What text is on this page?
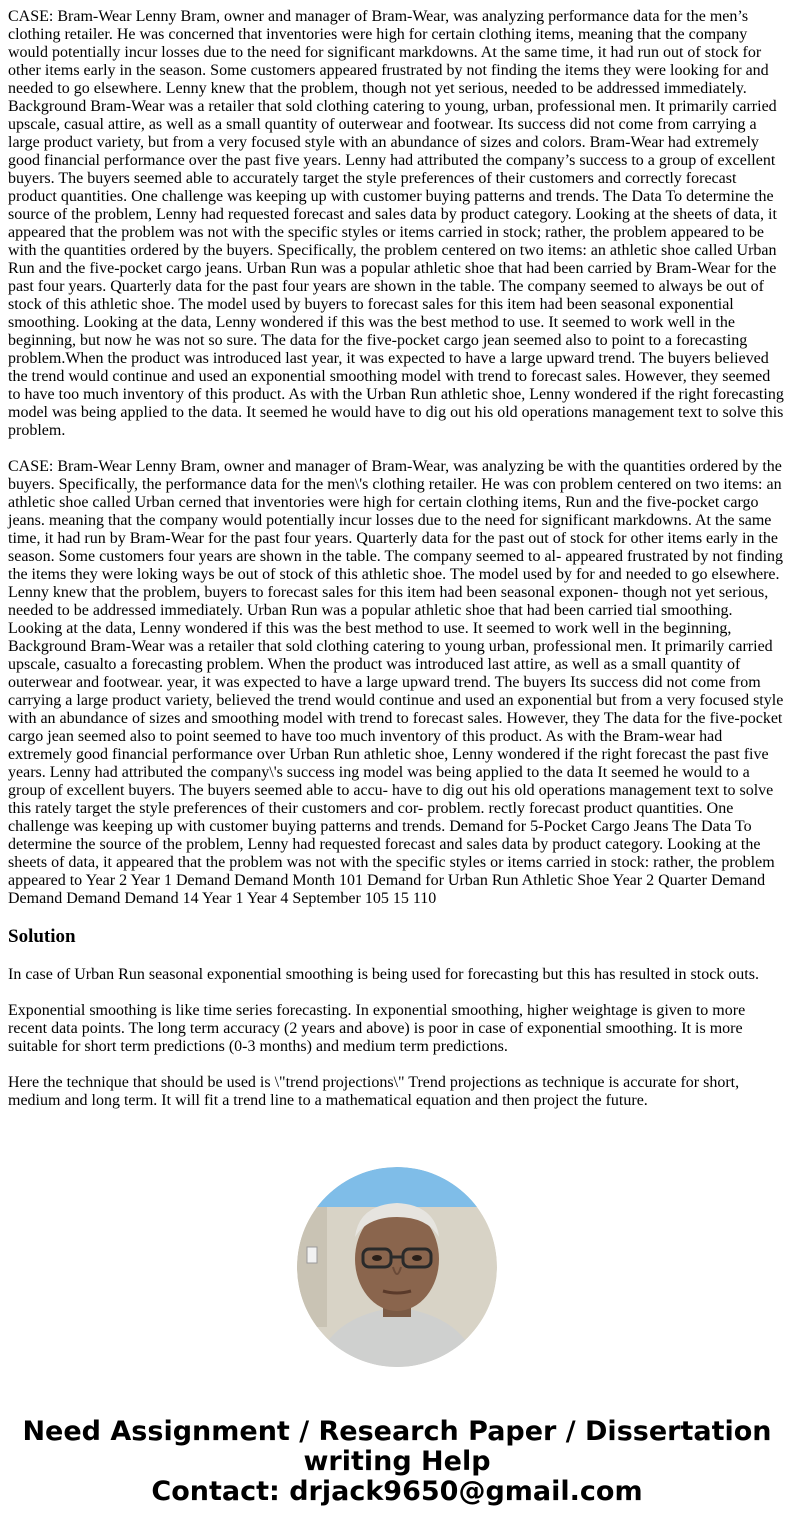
CASE: Bram-Wear Lenny Bram, owner and manager of Bram-Wear, was analyzing performance data for the men’s clothing retailer. He was concerned that inventories were high for certain clothing items, meaning that the company would potentially incur losses due to the need for significant markdowns. At the same time, it had run out of stock for other items early in the season. Some customers appeared frustrated by not finding the items they were looking for and needed to go elsewhere. Lenny knew that the problem, though not yet serious, needed to be addressed immediately. Background Bram-Wear was a retailer that sold clothing catering to young, urban, professional men. It primarily carried upscale, casual attire, as well as a small quantity of outerwear and footwear. Its success did not come from carrying a large product variety, but from a very focused style with an abundance of sizes and colors. Bram-Wear had extremely good financial performance over the past five years. Lenny had attributed the company’s success to a group of excellent buyers. The buyers seemed able to accurately target the style preferences of their customers and correctly forecast product quantities. One challenge was keeping up with customer buying patterns and trends. The Data To determine the source of the problem, Lenny had requested forecast and sales data by product category. Looking at the sheets of data, it appeared that the problem was not with the specific styles or items carried in stock; rather, the problem appeared to be with the quantities ordered by the buyers. Specifically, the problem centered on two items: an athletic shoe called Urban Run and the five-pocket cargo jeans. Urban Run was a popular athletic shoe that had been carried by Bram-Wear for the past four years. Quarterly data for the past four years are shown in the table. The company seemed to always be out of stock of this athletic shoe. The model used by buyers to forecast sales for this item had been seasonal exponential smoothing. Looking at the data, Lenny wondered if this was the best method to use. It seemed to work well in the beginning, but now he was not so sure. The data for the five-pocket cargo jean seemed also to point to a forecasting problem.When the product was introduced last year, it was expected to have a large upward trend. The buyers believed the trend would continue and used an exponential smoothing model with trend to forecast sales. However, they seemed to have too much inventory of this product. As with the Urban Run athletic shoe, Lenny wondered if the right forecasting model was being applied to the data. It seemed he would have to dig out his old operations management text to solve this problem.

CASE: Bram-Wear Lenny Bram, owner and manager of Bram-Wear, was analyzing be with the quantities ordered by the buyers. Specifically, the performance data for the men\'s clothing retailer. He was con problem centered on two items: an athletic shoe called Urban cerned that inventories were high for certain clothing items, Run and the five-pocket cargo jeans. meaning that the company would potentially incur losses due to the need for significant markdowns. At the same time, it had run by Bram-Wear for the past four years. Quarterly data for the past out of stock for other items early in the season. Some customers four years are shown in the table. The company seemed to al- appeared frustrated by not finding the items they were loking ways be out of stock of this athletic shoe. The model used by for and needed to go elsewhere. Lenny knew that the problem, buyers to forecast sales for this item had been seasonal exponen- though not yet serious, needed to be addressed immediately. Urban Run was a popular athletic shoe that had been carried tial smoothing. Looking at the data, Lenny wondered if this was the best method to use. It seemed to work well in the beginning, Background Bram-Wear was a retailer that sold clothing catering to young urban, professional men. It primarily carried upscale, casualto a forecasting problem. When the product was introduced last attire, as well as a small quantity of outerwear and footwear. year, it was expected to have a large upward trend. The buyers Its success did not come from carrying a large product variety, believed the trend would continue and used an exponential but from a very focused style with an abundance of sizes and smoothing model with trend to forecast sales. However, they The data for the five-pocket cargo jean seemed also to point seemed to have too much inventory of this product. As with the Bram-wear had extremely good financial performance over Urban Run athletic shoe, Lenny wondered if the right forecast the past five years. Lenny had attributed the company\'s success ing model was being applied to the data It seemed he would to a group of excellent buyers. The buyers seemed able to accu- have to dig out his old operations management text to solve this rately target the style preferences of their customers and cor- problem. rectly forecast product quantities. One challenge was keeping up with customer buying patterns and trends. Demand for 5-Pocket Cargo Jeans The Data To determine the source of the problem, Lenny had requested forecast and sales data by product category. Looking at the sheets of data, it appeared that the problem was not with the specific styles or items carried in stock: rather, the problem appeared to Year 2 Year 1 Demand Demand Month 101 Demand for Urban Run Athletic Shoe Year 2 Quarter Demand Demand Demand Demand 14 Year 1 Year 4 September 105 15 110

Solution

In case of Urban Run seasonal exponential smoothing is being used for forecasting but this has resulted in stock outs.

Exponential smoothing is like time series forecasting. In exponential smoothing, higher weightage is given to more recent data points. The long term accuracy (2 years and above) is poor in case of exponential smoothing. It is more suitable for short term predictions (0-3 months) and medium term predictions.

Here the technique that should be used is \"trend projections\" Trend projections as technique is accurate for short, medium and long term. It will fit a trend line to a mathematical equation and then project the future.

Need Assignment / Research Paper / Dissertation
writing Help
Contact: drjack9650@gmail.com
